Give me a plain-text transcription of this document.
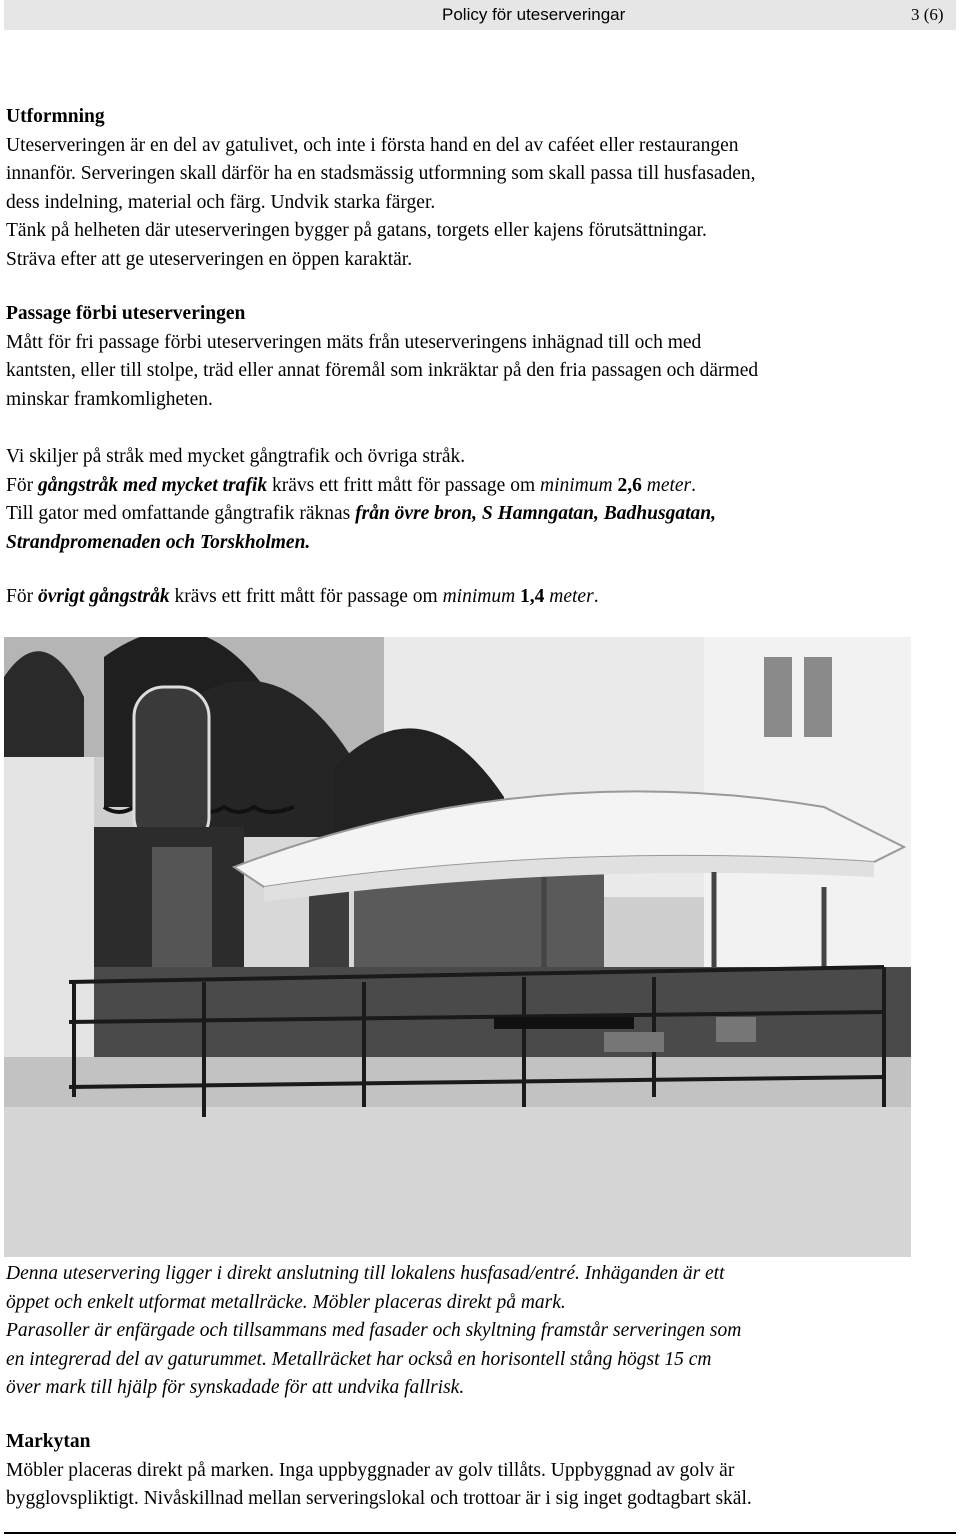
Policy för uteserveringar	3 (6)
Utformning

Uteserveringen är en del av gatulivet, och inte i första hand en del av caféet eller restaurangen

innanför. Serveringen skall därför ha en stadsmässig utformning som skall passa till husfasaden,

dess indelning, material och färg. Undvik starka färger.

Tänk på helheten där uteserveringen bygger på gatans, torgets eller kajens förutsättningar.

Sträva efter att ge uteserveringen en öppen karaktär.

Passage förbi uteserveringen

Mått för fri passage förbi uteserveringen mäts från uteserveringens inhägnad till och med

kantsten, eller till stolpe, träd eller annat föremål som inkräktar på den fria passagen och därmed

minskar framkomligheten.

Vi skiljer på stråk med mycket gångtrafik och övriga stråk.

För gångstråk med mycket trafik krävs ett fritt mått för passage om minimum 2,6 meter.

Till gator med omfattande gångtrafik räknas från övre bron, S Hamngatan, Badhusgatan,

Strandpromenaden och Torskholmen.

För övrigt gångstråk krävs ett fritt mått för passage om minimum 1,4 meter.

Denna uteservering ligger i direkt anslutning till lokalens husfasad/entré. Inhäganden är ett

öppet och enkelt utformat metallräcke. Möbler placeras direkt på mark.

Parasoller är enfärgade och tillsammans med fasader och skyltning framstår serveringen som

en integrerad del av gaturummet. Metallräcket har också en horisontell stång högst 15 cm

över mark till hjälp för synskadade för att undvika fallrisk.

Markytan

Möbler placeras direkt på marken. Inga uppbyggnader av golv tillåts. Uppbyggnad av golv är

bygglovspliktigt. Nivåskillnad mellan serveringslokal och trottoar är i sig inget godtagbart skäl.
